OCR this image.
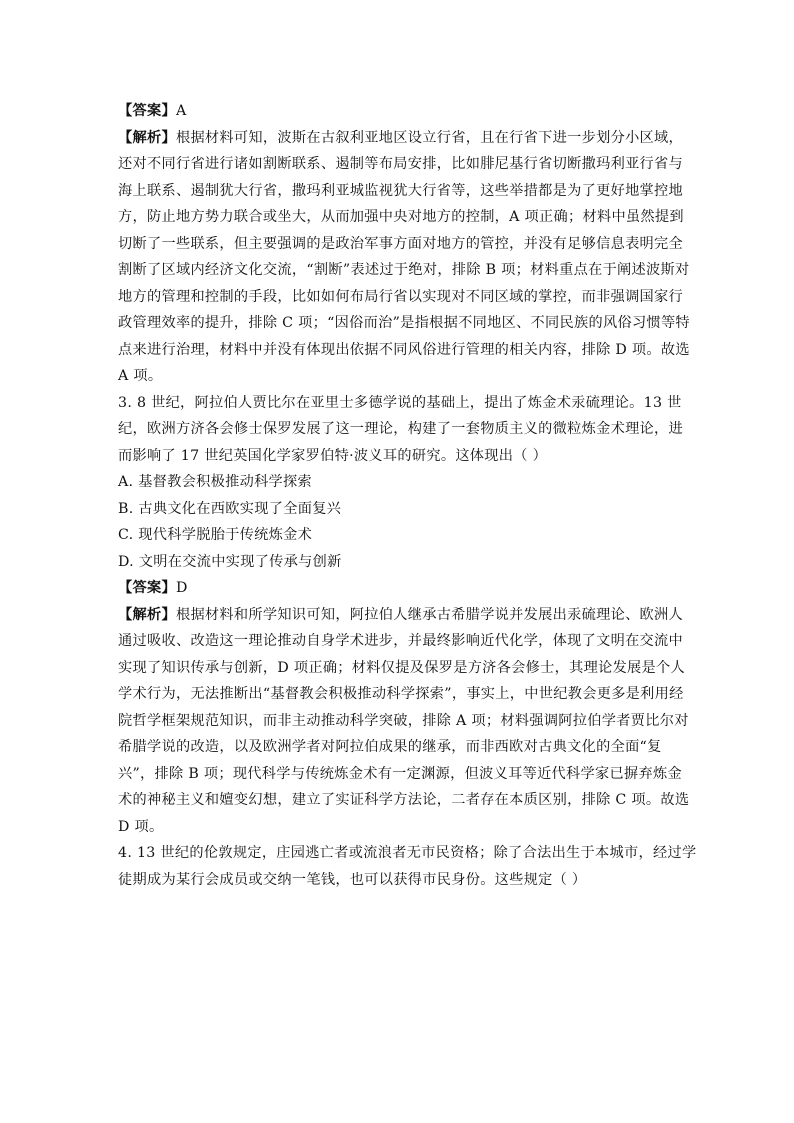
【答案】A
【解析】根据材料可知，波斯在古叙利亚地区设立行省，且在行省下进一步划分小区域，
还对不同行省进行诸如割断联系、遏制等布局安排，比如腓尼基行省切断撒玛利亚行省与
海上联系、遏制犹大行省，撒玛利亚城监视犹大行省等，这些举措都是为了更好地掌控地
方，防止地方势力联合或坐大，从而加强中央对地方的控制，A 项正确；材料中虽然提到
切断了一些联系，但主要强调的是政治军事方面对地方的管控，并没有足够信息表明完全
割断了区域内经济文化交流，“割断”表述过于绝对，排除 B 项；材料重点在于阐述波斯对
地方的管理和控制的手段，比如如何布局行省以实现对不同区域的掌控，而非强调国家行
政管理效率的提升，排除 C 项；“因俗而治”是指根据不同地区、不同民族的风俗习惯等特
点来进行治理，材料中并没有体现出依据不同风俗进行管理的相关内容，排除 D 项。故选
A 项。
3. 8 世纪，阿拉伯人贾比尔在亚里士多德学说的基础上，提出了炼金术汞硫理论。13 世
纪，欧洲方济各会修士保罗发展了这一理论，构建了一套物质主义的微粒炼金术理论，进
而影响了 17 世纪英国化学家罗伯特·波义耳的研究。这体现出（ ）
A. 基督教会积极推动科学探索
B. 古典文化在西欧实现了全面复兴
C. 现代科学脱胎于传统炼金术
D. 文明在交流中实现了传承与创新
【答案】D
【解析】根据材料和所学知识可知，阿拉伯人继承古希腊学说并发展出汞硫理论、欧洲人
通过吸收、改造这一理论推动自身学术进步，并最终影响近代化学，体现了文明在交流中
实现了知识传承与创新，D 项正确；材料仅提及保罗是方济各会修士，其理论发展是个人
学术行为，无法推断出“基督教会积极推动科学探索”，事实上，中世纪教会更多是利用经
院哲学框架规范知识，而非主动推动科学突破，排除 A 项；材料强调阿拉伯学者贾比尔对
希腊学说的改造，以及欧洲学者对阿拉伯成果的继承，而非西欧对古典文化的全面“复
兴”，排除 B 项；现代科学与传统炼金术有一定渊源，但波义耳等近代科学家已摒弃炼金
术的神秘主义和嬗变幻想，建立了实证科学方法论，二者存在本质区别，排除 C 项。故选
D 项。
4. 13 世纪的伦敦规定，庄园逃亡者或流浪者无市民资格；除了合法出生于本城市，经过学
徒期成为某行会成员或交纳一笔钱，也可以获得市民身份。这些规定（ ）
